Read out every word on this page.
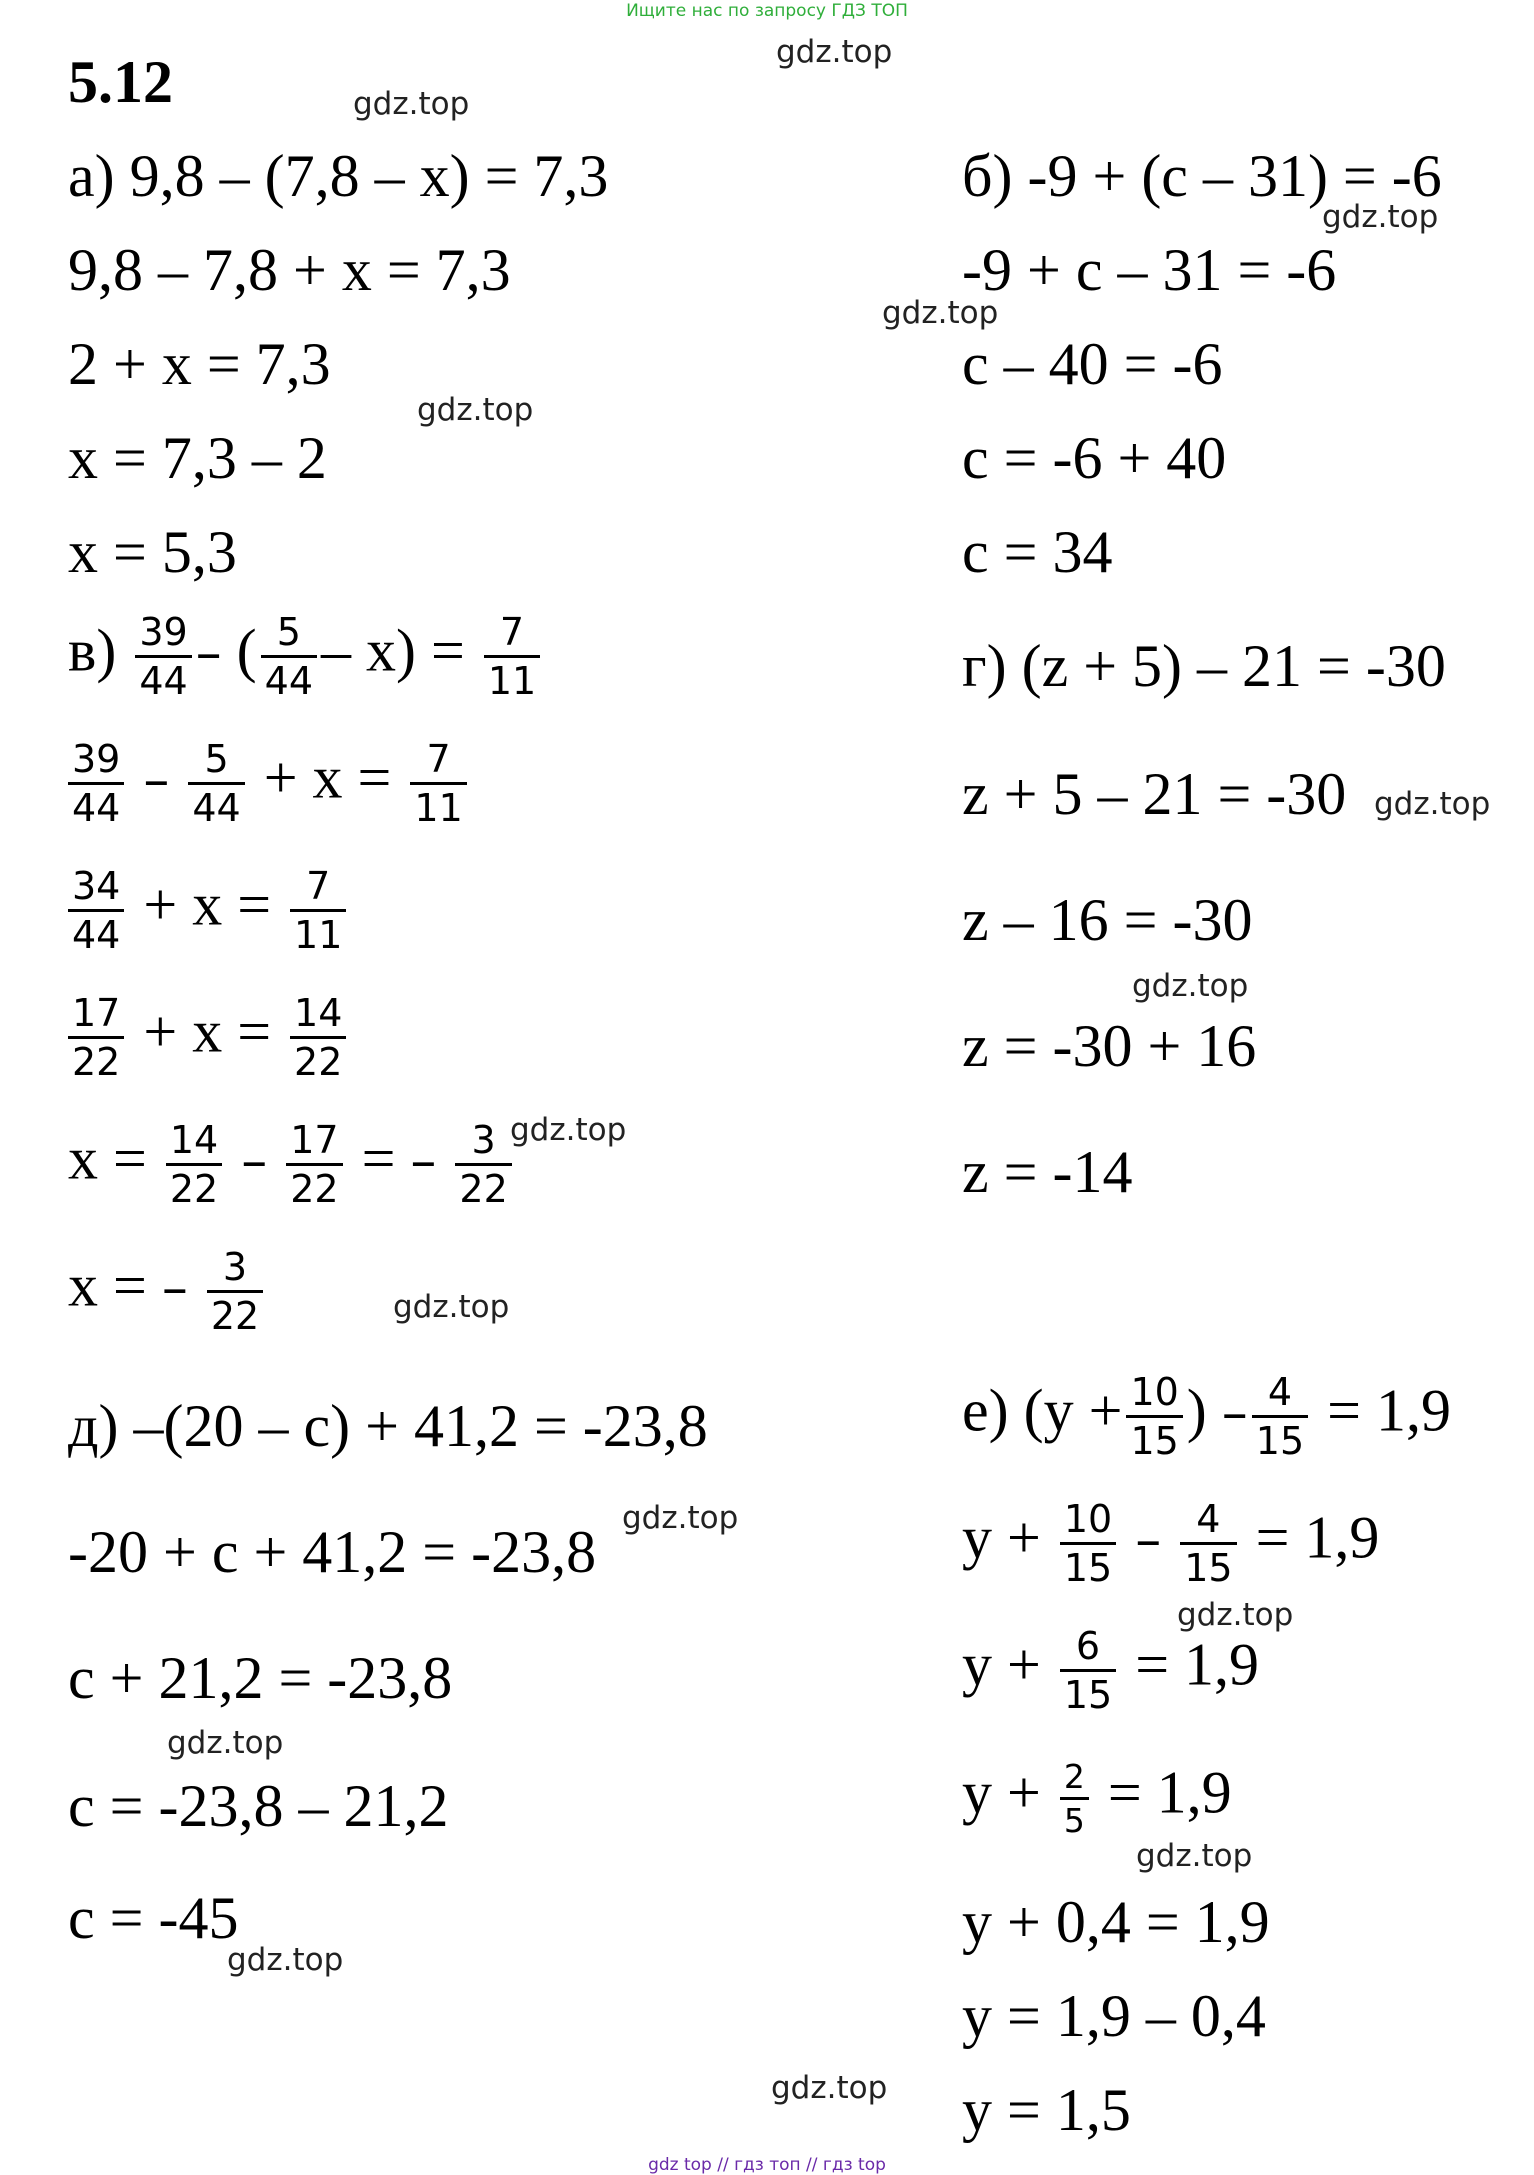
Ищите нас по запросу ГДЗ ТОП
5.12	gdz.top
gdz.top
gdz.top
gdz.top
gdz.top
gdz.top
gdz.top
gdz.top
gdz.top
gdz.top
gdz.top
gdz.top
gdz.top
gdz.top
gdz.top
а) 9,8 – (7,8 – х) = 7,3
9,8 – 7,8 + х = 7,3
2 + х = 7,3
х = 7,3 – 2
х = 5,3
б) -9 + (с – 31) = -6
-9 + с – 31 = -6
с – 40 = -6
с = -6 + 40
с = 34
$в) \frac{39}{44}$ – ( $\frac{5}{44} - х) = \frac{7}{11}$
$\frac{39}{44} - \frac{5}{44} + х = \frac{7}{11}$
$\frac{34}{44} + х = \frac{7}{11}$
$\frac{17}{22} + х = \frac{14}{22}$
$х = \frac{14}{22} - \frac{17}{22}$ = – $\frac{3}{22}$
х = – $\frac{3}{22}$
г) (z + 5) – 21 = -30
z + 5 – 21 = -30
z – 16 = -30
z = -30 + 16
z = -14
д) –(20 – с) + 41,2 = -23,8
-20 + с + 41,2 = -23,8
с + 21,2 = -23,8
с = -23,8 – 21,2
с = -45
е) ($y + \frac{10}{15}$ ) – $\frac{4}{15} = 1,9$
$y + \frac{10}{15} - \frac{4}{15} = 1,9$
$y + \frac{6}{15} = 1,9$
$y + \frac{2}{5} = 1,9$
y + 0,4 = 1,9
y = 1,9 – 0,4
y = 1,5
gdz top // гдз топ // гдз top
